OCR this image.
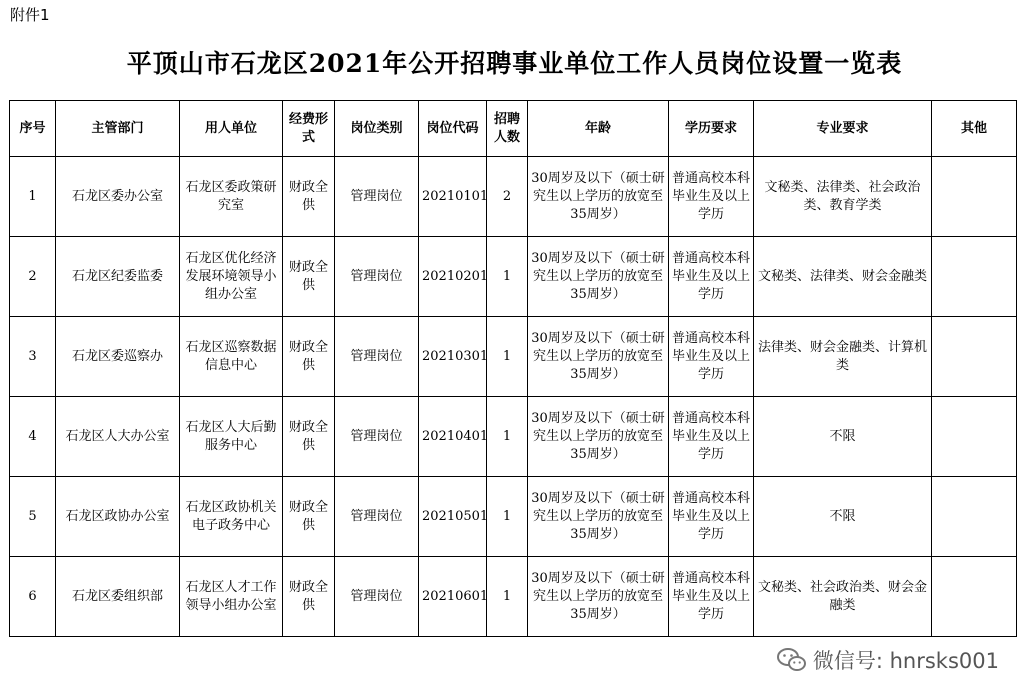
附件1
平顶山市石龙区2021年公开招聘事业单位工作人员岗位设置一览表
序号	主管部门	用人单位	经费形式	岗位类别	岗位代码	招聘人数	年龄	学历要求	专业要求	其他
1	石龙区委办公室	石龙区委政策研究室	财政全供	管理岗位	20210101	2	30周岁及以下（硕士研究生以上学历的放宽至35周岁）	普通高校本科毕业生及以上学历	文秘类、法律类、社会政治类、教育学类	
2	石龙区纪委监委	石龙区优化经济发展环境领导小组办公室	财政全供	管理岗位	20210201	1	30周岁及以下（硕士研究生以上学历的放宽至35周岁）	普通高校本科毕业生及以上学历	文秘类、法律类、财会金融类	
3	石龙区委巡察办	石龙区巡察数据信息中心	财政全供	管理岗位	20210301	1	30周岁及以下（硕士研究生以上学历的放宽至35周岁）	普通高校本科毕业生及以上学历	法律类、财会金融类、计算机类	
4	石龙区人大办公室	石龙区人大后勤服务中心	财政全供	管理岗位	20210401	1	30周岁及以下（硕士研究生以上学历的放宽至35周岁）	普通高校本科毕业生及以上学历	不限	
5	石龙区政协办公室	石龙区政协机关电子政务中心	财政全供	管理岗位	20210501	1	30周岁及以下（硕士研究生以上学历的放宽至35周岁）	普通高校本科毕业生及以上学历	不限	
6	石龙区委组织部	石龙区人才工作领导小组办公室	财政全供	管理岗位	20210601	1	30周岁及以下（硕士研究生以上学历的放宽至35周岁）	普通高校本科毕业生及以上学历	文秘类、社会政治类、财会金融类	
微信号: hnrsks001
